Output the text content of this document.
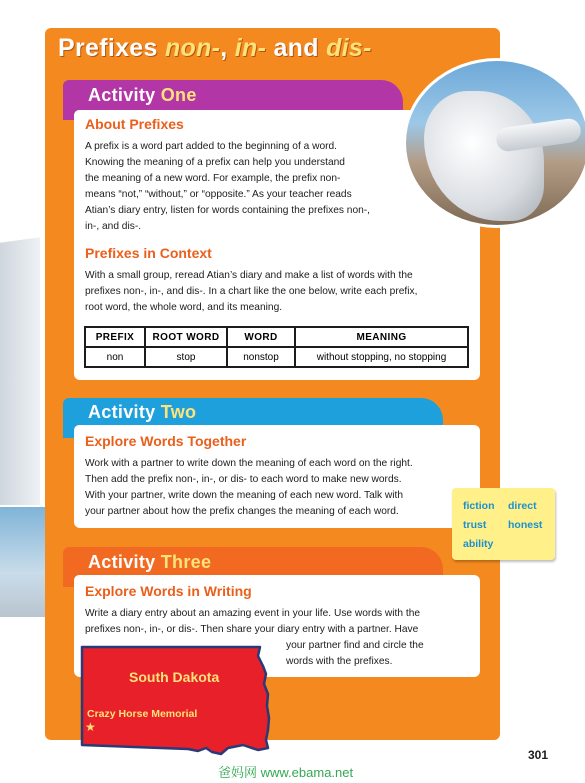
Prefixes non-, in- and dis-
Activity One
About Prefixes

A prefix is a word part added to the beginning of a word.

Knowing the meaning of a prefix can help you understand

the meaning of a new word. For example, the prefix non-

means “not,” “without,” or “opposite.” As your teacher reads

Atian’s diary entry, listen for words containing the prefixes non-,

in-, and dis-.

Prefixes in Context

With a small group, reread Atian’s diary and make a list of words with the

prefixes non-, in-, and dis-. In a chart like the one below, write each prefix,

root word, the whole word, and its meaning.

PREFIX	ROOT WORD	WORD	MEANING
non	stop	nonstop	without stopping, no stopping
Activity Two
Explore Words Together

Work with a partner to write down the meaning of each word on the right.

Then add the prefix non-, in-, or dis- to each word to make new words.

With your partner, write down the meaning of each new word. Talk with

your partner about how the prefix changes the meaning of each word.	fiction direct
trust honest
ability
Activity Three
Explore Words in Writing

Write a diary entry about an amazing event in your life. Use words with the

prefixes non-, in-, or dis-. Then share your diary entry with a partner. Have

your partner find and circle the

words with the prefixes.

South Dakota
Crazy Horse Memorial
★
301
爸妈网 www.ebama.net
